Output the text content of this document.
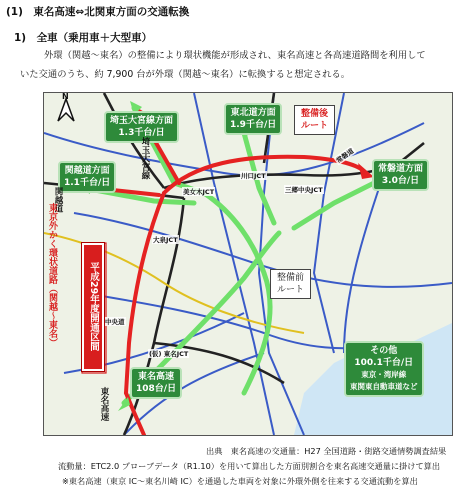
(1)　東名高速⇔北関東方面の交通転換
1)　全車（乗用車＋大型車）
外環（関越～東名）の整備により環状機能が形成され、東名高速と各高速道路間を利用して
いた交通のうち、約 7,900 台が外環（関越～東名）に転換すると想定される。
N
埼玉大宮線方面
1.3千台/日
東北道方面
1.9千台/日
関越道方面
1.1千台/日
常磐道方面
3.0台/日
東名高速
108台/日
その他
100.1千台/日
東京・湾岸線
東関東自動車道など
整備後
ルート
整備前
ルート
川口JCT
三郷中央JCT
美女木JCT
大泉JCT
(仮) 東名JCT
埼玉大宮線
関越道
常磐道
中央道
東名高速
平成29年度開通区間
東京外かく環状道路（関越～東名）
出典　東名高速の交通量：H27 全国道路・街路交通情勢調査結果
流動量：ETC2.0 プローブデータ（R1.10）を用いて算出した方面別割合を東名高速交通量に掛けて算出
※東名高速（東京 IC～東名川崎 IC）を通過した車両を対象に外環外側を往来する交通流動を算出
